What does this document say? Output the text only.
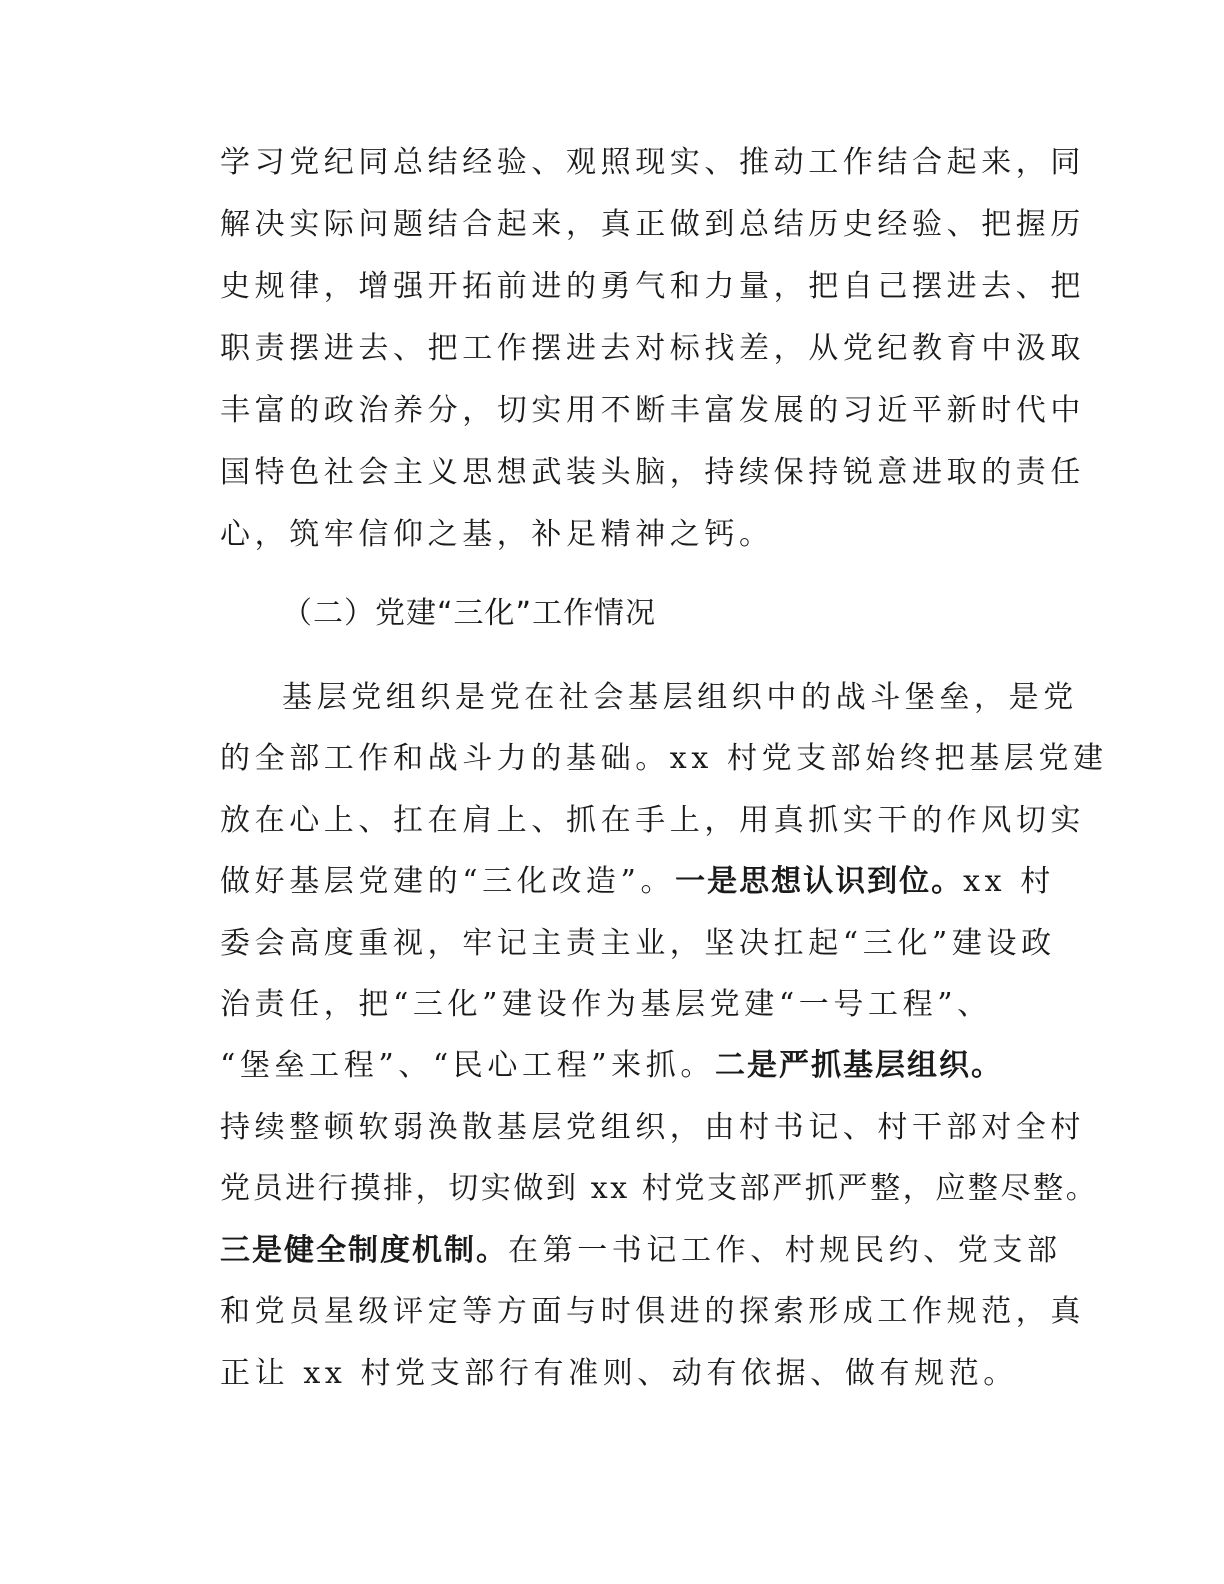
学习党纪同总结经验、观照现实、推动工作结合起来，同
解决实际问题结合起来，真正做到总结历史经验、把握历
史规律，增强开拓前进的勇气和力量，把自己摆进去、把
职责摆进去、把工作摆进去对标找差，从党纪教育中汲取
丰富的政治养分，切实用不断丰富发展的习近平新时代中
国特色社会主义思想武装头脑，持续保持锐意进取的责任
心，筑牢信仰之基，补足精神之钙。
（二）党建“三化”工作情况
基层党组织是党在社会基层组织中的战斗堡垒，是党
的全部工作和战斗力的基础。xx 村党支部始终把基层党建
放在心上、扛在肩上、抓在手上，用真抓实干的作风切实
做好基层党建的“三化改造”。一是思想认识到位。xx 村
委会高度重视，牢记主责主业，坚决扛起“三化”建设政
治责任，把“三化”建设作为基层党建“一号工程”、
“堡垒工程”、“民心工程”来抓。二是严抓基层组织。
持续整顿软弱涣散基层党组织，由村书记、村干部对全村
党员进行摸排，切实做到 xx 村党支部严抓严整，应整尽整。
三是健全制度机制。在第一书记工作、村规民约、党支部
和党员星级评定等方面与时俱进的探索形成工作规范，真
正让 xx 村党支部行有准则、动有依据、做有规范。
